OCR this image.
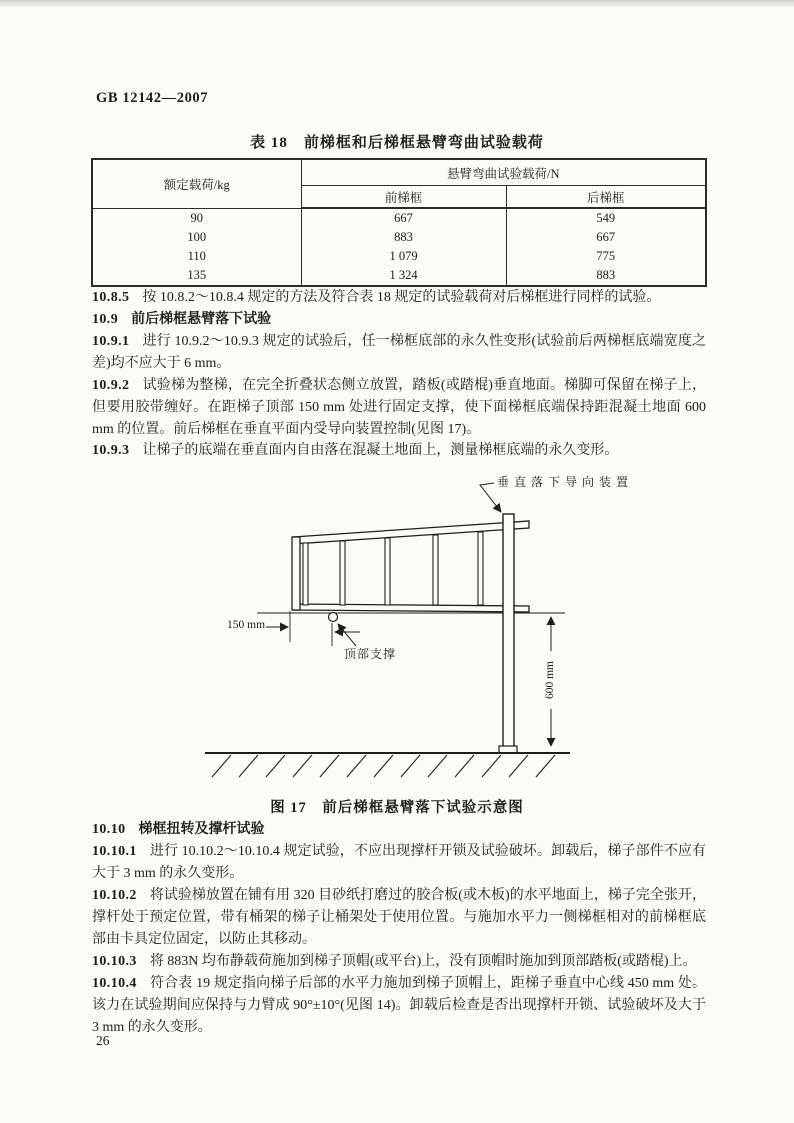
GB 12142—2007
表 18　前梯框和后梯框悬臂弯曲试验载荷
额定载荷/kg	悬臂弯曲试验载荷/N	
	前梯框	后梯框
90	667	549
100	883	667
110	1 079	775
135	1 324	883
10.8.5 按 10.8.2～10.8.4 规定的方法及符合表 18 规定的试验载荷对后梯框进行同样的试验。
10.9 前后梯框悬臂落下试验
10.9.1 进行 10.9.2～10.9.3 规定的试验后，任一梯框底部的永久性变形(试验前后两梯框底端宽度之差)均不应大于 6 mm。
10.9.2 试验梯为整梯，在完全折叠状态侧立放置，踏板(或踏棍)垂直地面。梯脚可保留在梯子上，但要用胶带缠好。在距梯子顶部 150 mm 处进行固定支撑，使下面梯框底端保持距混凝土地面 600 mm 的位置。前后梯框在垂直平面内受导向装置控制(见图 17)。
10.9.3 让梯子的底端在垂直面内自由落在混凝土地面上，测量梯框底端的永久变形。
垂直落下导向装置
150 mm
顶部支撑
600 mm
图 17　前后梯框悬臂落下试验示意图
10.10 梯框扭转及撑杆试验
10.10.1 进行 10.10.2～10.10.4 规定试验，不应出现撑杆开锁及试验破坏。卸载后，梯子部件不应有大于 3 mm 的永久变形。
10.10.2 将试验梯放置在铺有用 320 目砂纸打磨过的胶合板(或木板)的水平地面上，梯子完全张开，撑杆处于预定位置，带有桶架的梯子让桶架处于使用位置。与施加水平力一侧梯框相对的前梯框底部由卡具定位固定，以防止其移动。
10.10.3 将 883N 均布静载荷施加到梯子顶帽(或平台)上，没有顶帽时施加到顶部踏板(或踏棍)上。
10.10.4 符合表 19 规定指向梯子后部的水平力施加到梯子顶帽上，距梯子垂直中心线 450 mm 处。该力在试验期间应保持与力臂成 90°±10°(见图 14)。卸载后检查是否出现撑杆开锁、试验破坏及大于 3 mm 的永久变形。
26
